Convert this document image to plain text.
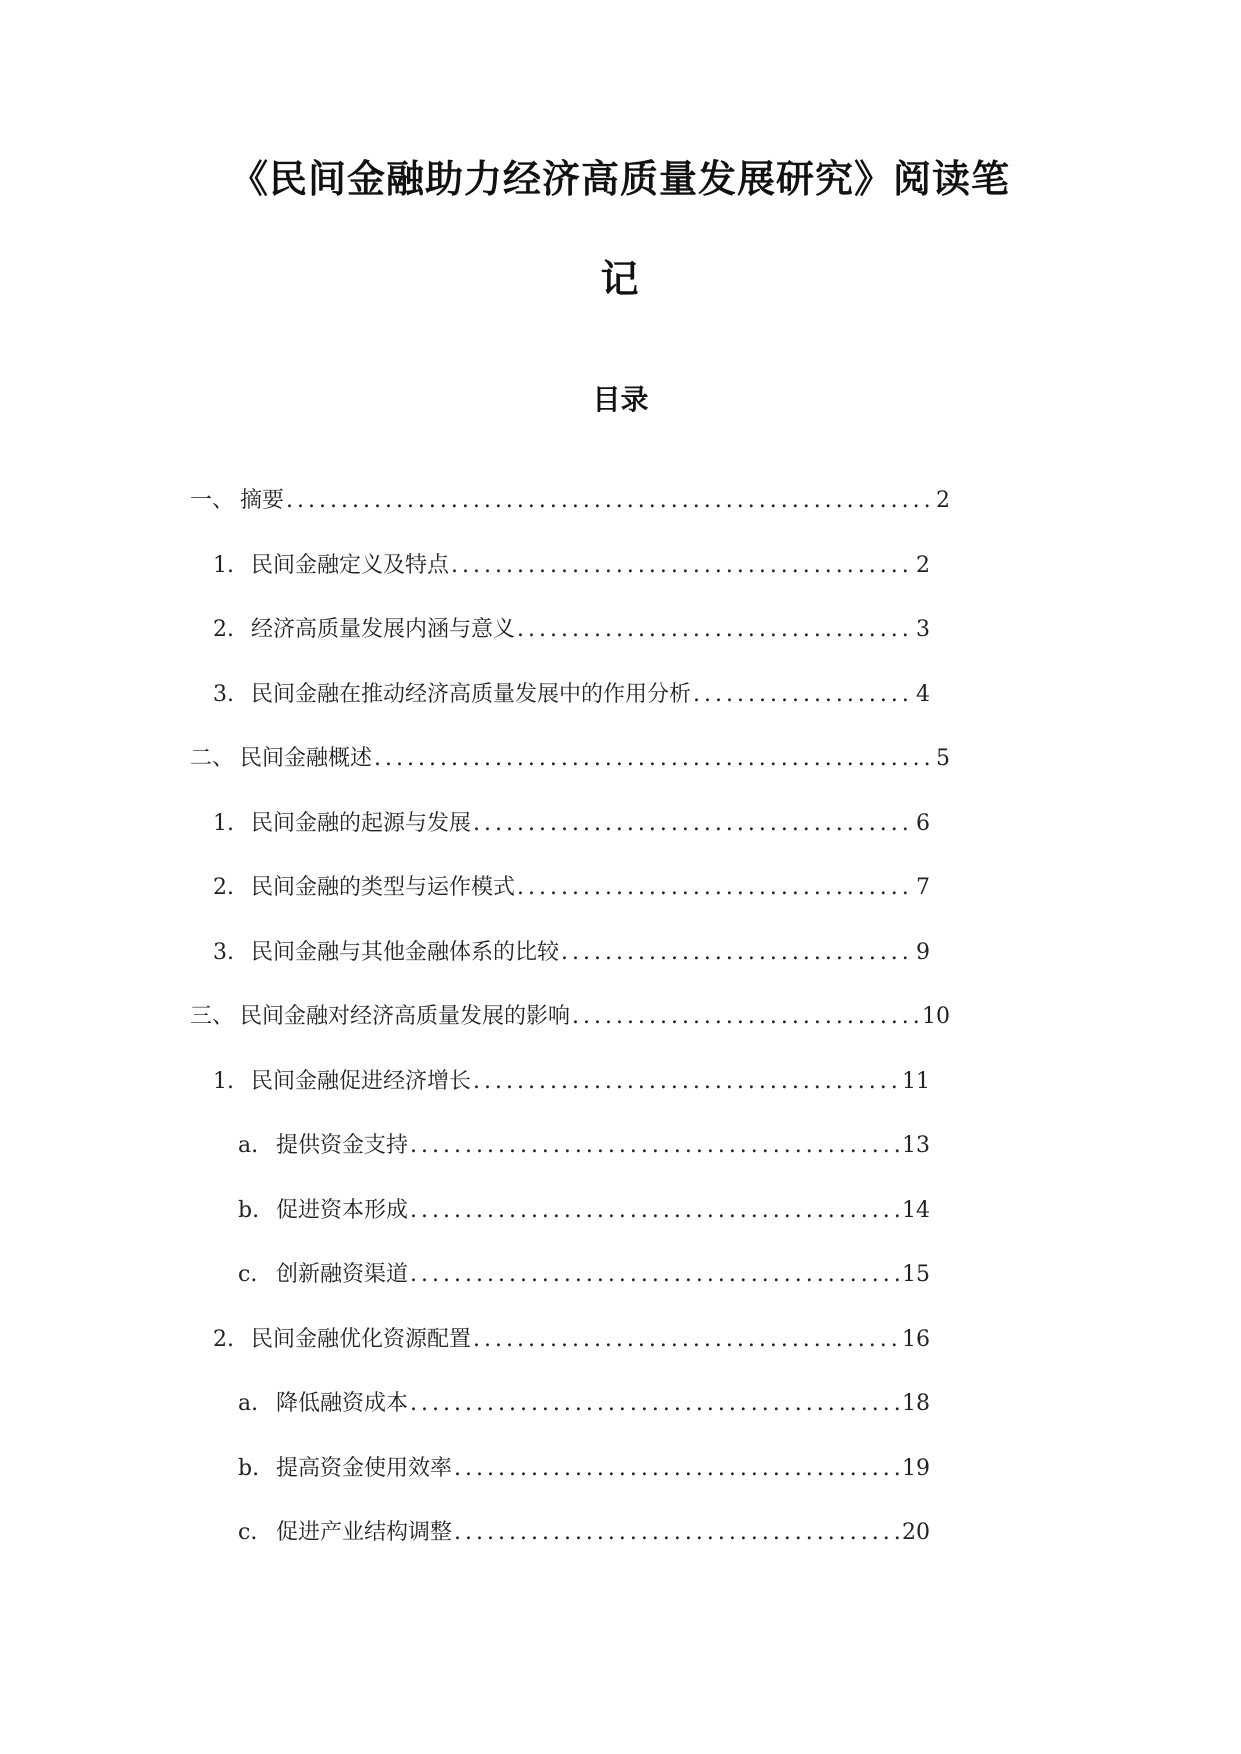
《民间金融助力经济高质量发展研究》阅读笔
记
目录
一、 摘要 .....	2
1. 民间金融定义及特点 .....	2
2. 经济高质量发展内涵与意义 .....	3
3. 民间金融在推动经济高质量发展中的作用分析 .....	4
二、 民间金融概述 .....	5
1. 民间金融的起源与发展 .....	6
2. 民间金融的类型与运作模式 .....	7
3. 民间金融与其他金融体系的比较 .....	9
三、 民间金融对经济高质量发展的影响 .....	10
1. 民间金融促进经济增长 .....	11
a. 提供资金支持 .....	13
b. 促进资本形成 .....	14
c. 创新融资渠道 .....	15
2. 民间金融优化资源配置 .....	16
a. 降低融资成本 .....	18
b. 提高资金使用效率 .....	19
c. 促进产业结构调整 .....	20
